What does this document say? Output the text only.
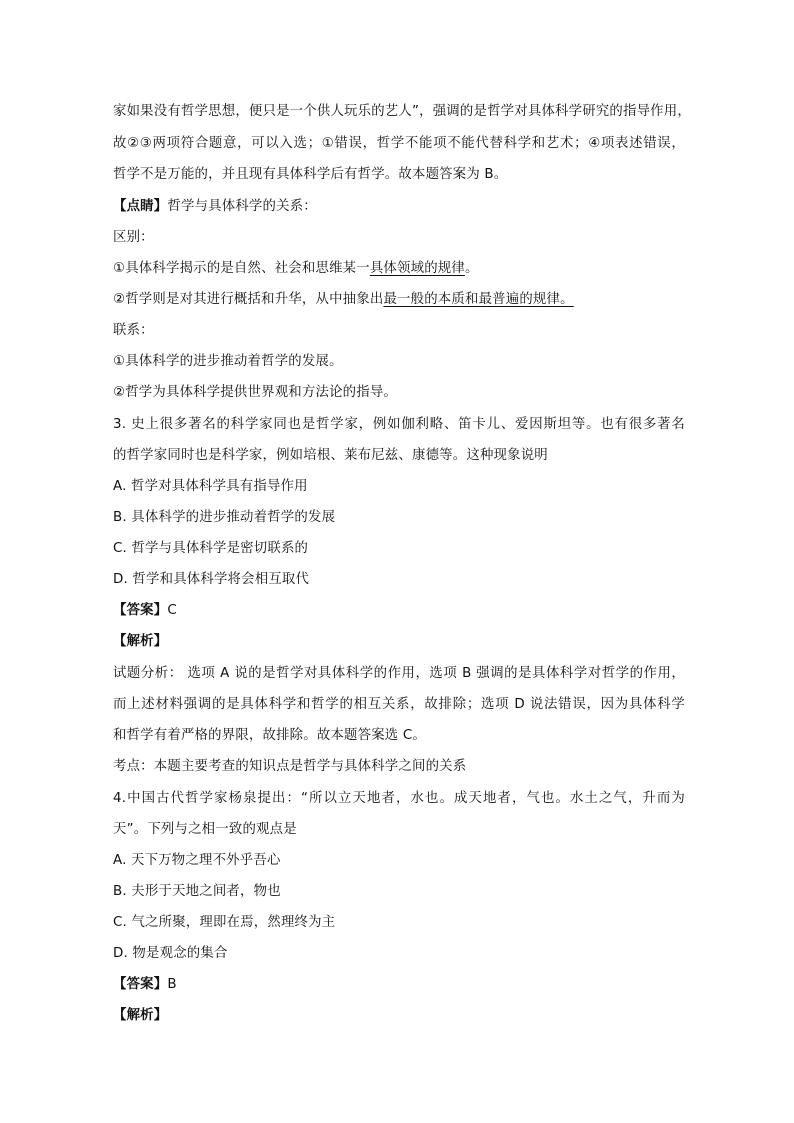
家如果没有哲学思想，便只是一个供人玩乐的艺人”，强调的是哲学对具体科学研究的指导作用，
故②③两项符合题意，可以入选；①错误，哲学不能项不能代替科学和艺术；④项表述错误，
哲学不是万能的，并且现有具体科学后有哲学。故本题答案为 B。
【点睛】哲学与具体科学的关系：
区别：
①具体科学揭示的是自然、社会和思维某一具体领域的规律。
②哲学则是对其进行概括和升华，从中抽象出最一般的本质和最普遍的规律。
联系：
①具体科学的进步推动着哲学的发展。
②哲学为具体科学提供世界观和方法论的指导。
3. 史上很多著名的科学家同也是哲学家，例如伽利略、笛卡儿、爱因斯坦等。也有很多著名
的哲学家同时也是科学家，例如培根、莱布尼兹、康德等。这种现象说明
A. 哲学对具体科学具有指导作用
B. 具体科学的进步推动着哲学的发展
C. 哲学与具体科学是密切联系的
D. 哲学和具体科学将会相互取代
【答案】C
【解析】
试题分析： 选项 A 说的是哲学对具体科学的作用，选项 B 强调的是具体科学对哲学的作用，
而上述材料强调的是具体科学和哲学的相互关系，故排除；选项 D 说法错误，因为具体科学
和哲学有着严格的界限，故排除。故本题答案选 C。
考点：本题主要考查的知识点是哲学与具体科学之间的关系
4.中国古代哲学家杨泉提出：“所以立天地者，水也。成天地者，气也。水土之气，升而为
天”。下列与之相一致的观点是
A. 天下万物之理不外乎吾心
B. 夫形于天地之间者，物也
C. 气之所聚，理即在焉，然理终为主
D. 物是观念的集合
【答案】B
【解析】
